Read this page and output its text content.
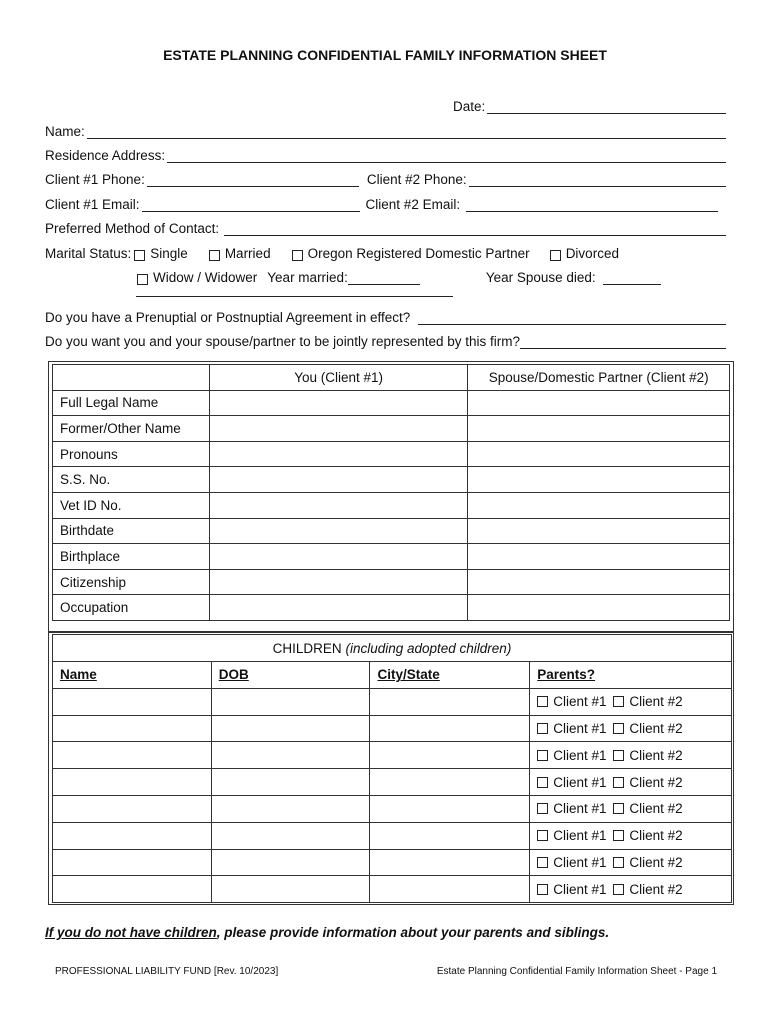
ESTATE PLANNING CONFIDENTIAL FAMILY INFORMATION SHEET
Date:
Name:
Residence Address:
Client #1 Phone:	Client #2 Phone:
Client #1 Email:	Client #2 Email:
Preferred Method of Contact:
Marital Status: Single	Married	Oregon Registered Domestic Partner	Divorced
Widow / Widower Year married:	Year Spouse died:
Do you have a Prenuptial or Postnuptial Agreement in effect?
Do you want you and your spouse/partner to be jointly represented by this firm?
	You (Client #1)	Spouse/Domestic Partner (Client #2)
Full Legal Name		
Former/Other Name		
Pronouns		
S.S. No.		
Vet ID No.		
Birthdate		
Birthplace		
Citizenship		
Occupation		
CHILDREN (including adopted children)			
Name	DOB	City/State	Parents?
			Client #1 Client #2
			Client #1 Client #2
			Client #1 Client #2
			Client #1 Client #2
			Client #1 Client #2
			Client #1 Client #2
			Client #1 Client #2
			Client #1 Client #2
If you do not have children, please provide information about your parents and siblings.
PROFESSIONAL LIABILITY FUND [Rev. 10/2023]	Estate Planning Confidential Family Information Sheet - Page 1
